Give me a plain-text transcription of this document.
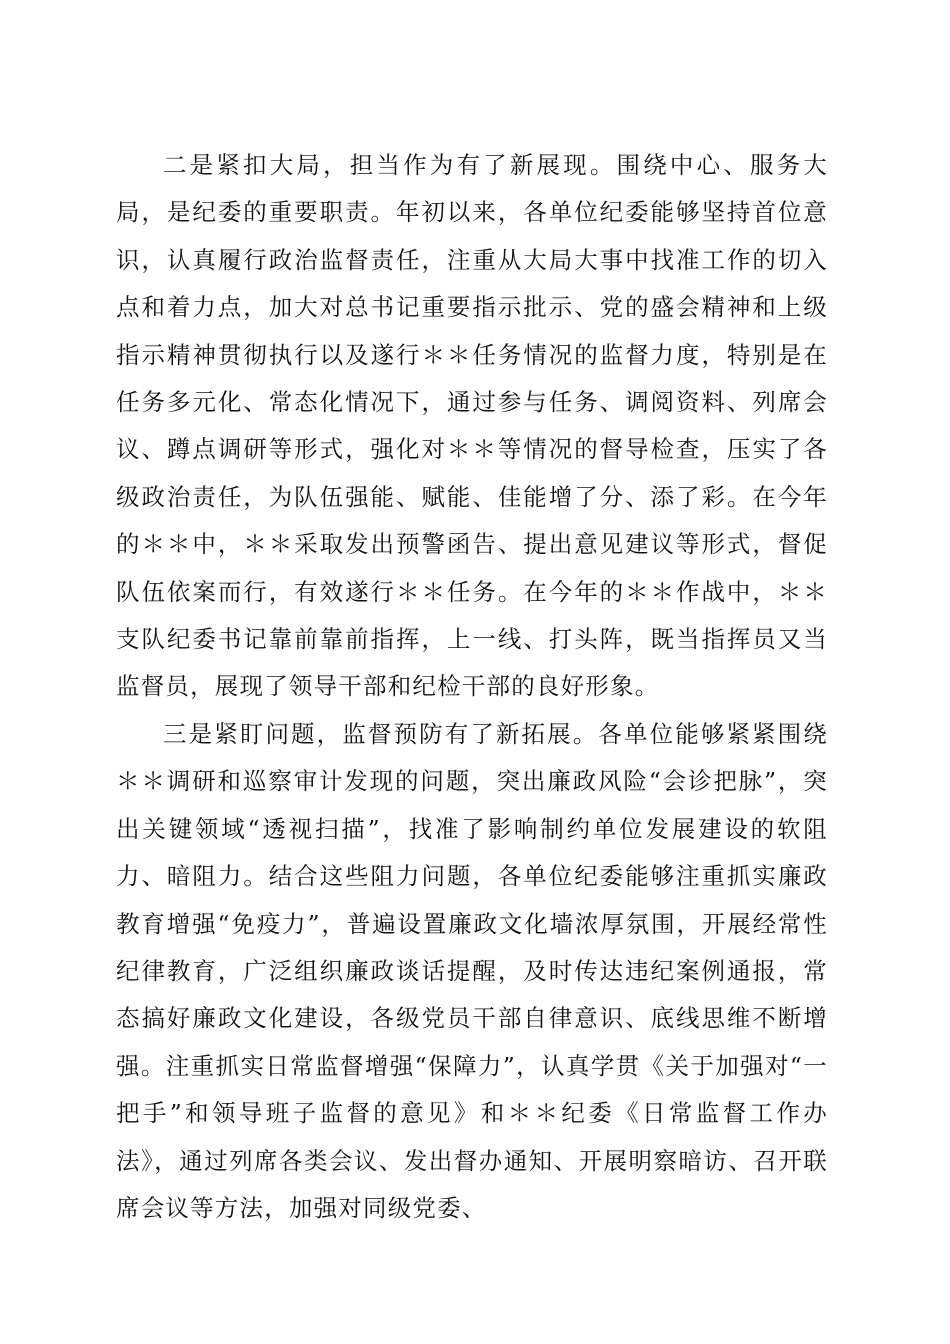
二是紧扣大局，担当作为有了新展现。围绕中心、服务大局，是纪委的重要职责。年初以来，各单位纪委能够坚持首位意识，认真履行政治监督责任，注重从大局大事中找准工作的切入点和着力点，加大对总书记重要指示批示、党的盛会精神和上级指示精神贯彻执行以及遂行＊＊任务情况的监督力度，特别是在任务多元化、常态化情况下，通过参与任务、调阅资料、列席会议、蹲点调研等形式，强化对＊＊等情况的督导检查，压实了各级政治责任，为队伍强能、赋能、佳能增了分、添了彩。在今年的＊＊中，＊＊采取发出预警函告、提出意见建议等形式，督促队伍依案而行，有效遂行＊＊任务。在今年的＊＊作战中，＊＊支队纪委书记靠前靠前指挥，上一线、打头阵，既当指挥员又当监督员，展现了领导干部和纪检干部的良好形象。

三是紧盯问题，监督预防有了新拓展。各单位能够紧紧围绕＊＊调研和巡察审计发现的问题，突出廉政风险“会诊把脉”，突出关键领域“透视扫描”，找准了影响制约单位发展建设的软阻力、暗阻力。结合这些阻力问题，各单位纪委能够注重抓实廉政教育增强“免疫力”，普遍设置廉政文化墙浓厚氛围，开展经常性纪律教育，广泛组织廉政谈话提醒，及时传达违纪案例通报，常态搞好廉政文化建设，各级党员干部自律意识、底线思维不断增强。注重抓实日常监督增强“保障力”，认真学贯《关于加强对“一把手”和领导班子监督的意见》和＊＊纪委《日常监督工作办法》，通过列席各类会议、发出督办通知、开展明察暗访、召开联席会议等方法，加强对同级党委、
